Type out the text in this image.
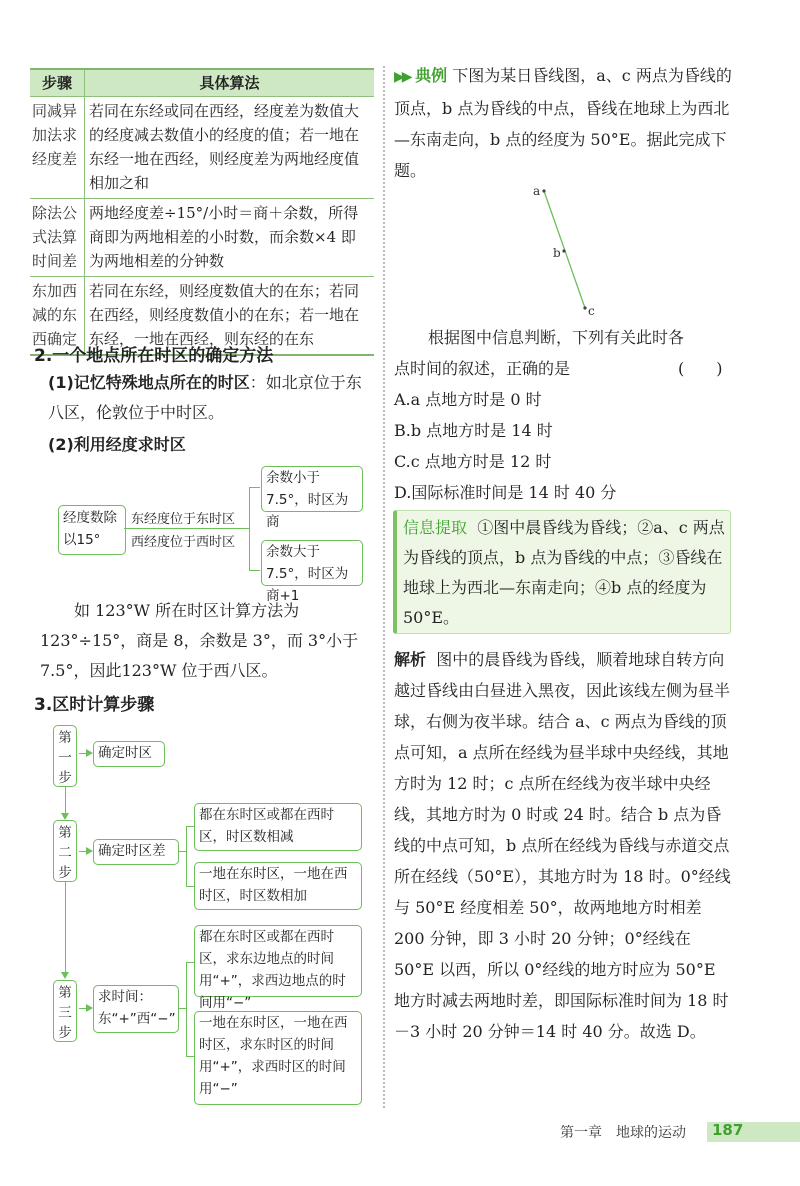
步骤	具体算法
同减异加法求经度差	若同在东经或同在西经，经度差为数值大的经度减去数值小的经度的值；若一地在东经一地在西经，则经度差为两地经度值相加之和
除法公式法算时间差	两地经度差÷15°/小时＝商＋余数，所得商即为两地相差的小时数，而余数×4 即为两地相差的分钟数
东加西减的东西确定	若同在东经，则经度数值大的在东；若同在西经，则经度数值小的在东；若一地在东经，一地在西经，则东经的在东
2.一个地点所在时区的确定方法
(1)记忆特殊地点所在的时区：如北京位于东八区，伦敦位于中时区。
(2)利用经度求时区
经度数除以15°
东经度位于东时区
西经度位于西时区
余数小于7.5°，时区为商
余数大于7.5°，时区为商+1
如 123°W 所在时区计算方法为 123°÷15°，商是 8，余数是 3°，而 3°小于 7.5°，因此123°W 位于西八区。
3.区时计算步骤
第一步
第二步
第三步
确定时区
确定时区差
都在东时区或都在西时区，时区数相减
一地在东时区，一地在西时区，时区数相加
求时间：东“+”西“−”
都在东时区或都在西时区，求东边地点的时间用“+”，求西边地点的时间用“−”
一地在东时区，一地在西时区，求东时区的时间用“+”，求西时区的时间用“−”
▶▶ 典例 下图为某日昏线图，a、c 两点为昏线的顶点，b 点为昏线的中点，昏线在地球上为西北—东南走向，b 点的经度为 50°E。据此完成下题。
a
b
c
根据图中信息判断，下列有关此时各点时间的叙述，正确的是	(　　)
A.a 点地方时是 0 时
B.b 点地方时是 14 时
C.c 点地方时是 12 时
D.国际标准时间是 14 时 40 分
信息提取 ①图中晨昏线为昏线；②a、c 两点为昏线的顶点，b 点为昏线的中点；③昏线在地球上为西北—东南走向；④b 点的经度为 50°E。
解析 图中的晨昏线为昏线，顺着地球自转方向越过昏线由白昼进入黑夜，因此该线左侧为昼半球，右侧为夜半球。结合 a、c 两点为昏线的顶点可知，a 点所在经线为昼半球中央经线，其地方时为 12 时；c 点所在经线为夜半球中央经线，其地方时为 0 时或 24 时。结合 b 点为昏线的中点可知，b 点所在经线为昏线与赤道交点所在经线（50°E），其地方时为 18 时。0°经线与 50°E 经度相差 50°，故两地地方时相差 200 分钟，即 3 小时 20 分钟；0°经线在 50°E 以西，所以 0°经线的地方时应为 50°E 地方时减去两地时差，即国际标准时间为 18 时－3 小时 20 分钟＝14 时 40 分。故选 D。
第一章　地球的运动 187
